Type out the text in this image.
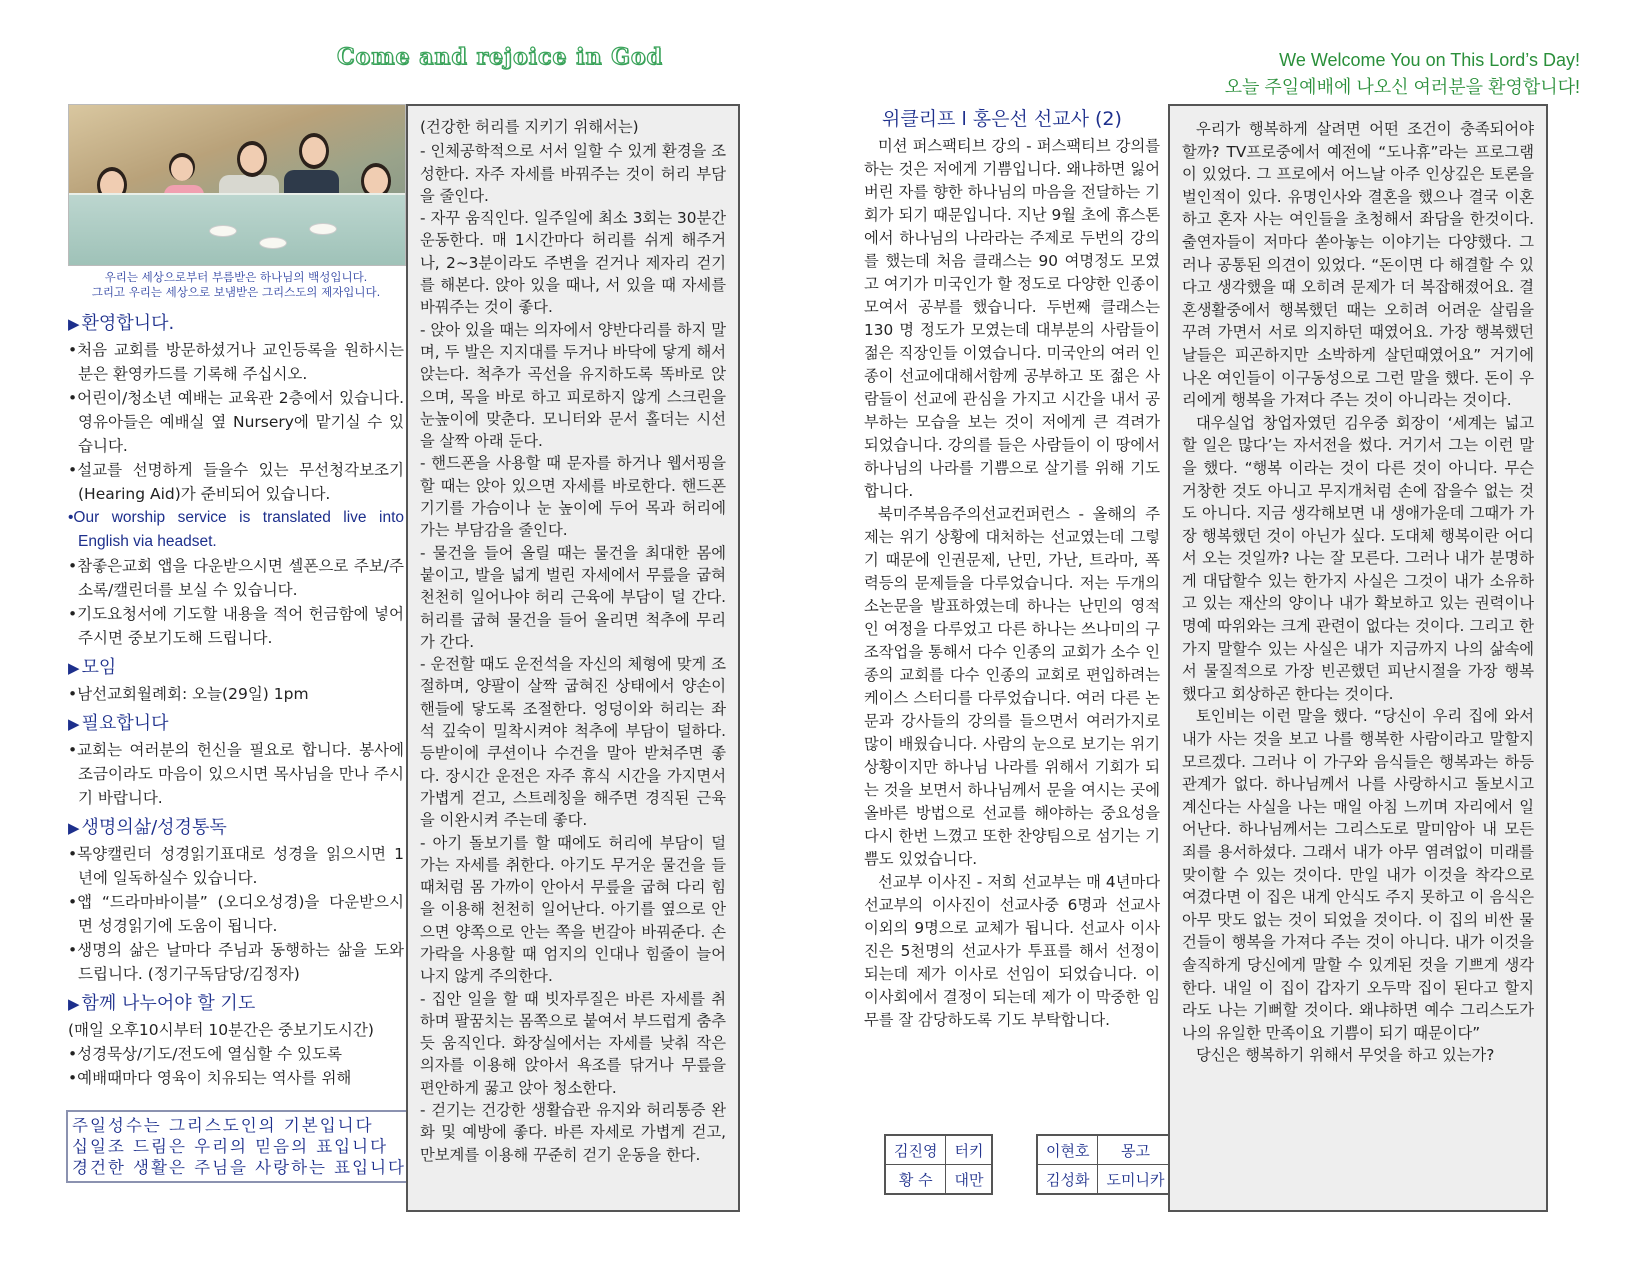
Come and rejoice in God	We Welcome You on This Lord’s Day!
오늘 주일예배에 나오신 여러분을 환영합니다!
우리는 세상으로부터 부름받은 하나님의 백성입니다.
그리고 우리는 세상으로 보냄받은 그리스도의 제자입니다.
▶ 환영합니다.

•처음 교회를 방문하셨거나 교인등록을 원하시는 분은 환영카드를 기록해 주십시오.

•어린이/청소년 예배는 교육관 2층에서 있습니다. 영유아들은 예배실 옆 Nursery에 맡기실 수 있습니다.

•설교를 선명하게 들을수 있는 무선청각보조기(Hearing Aid)가 준비되어 있습니다.

•Our worship service is translated live into English via headset.

•참좋은교회 앱을 다운받으시면 셀폰으로 주보/주소록/캘린더를 보실 수 있습니다.

•기도요청서에 기도할 내용을 적어 헌금함에 넣어 주시면 중보기도해 드립니다.

▶ 모임

•남선교회월례회: 오늘(29일) 1pm

▶ 필요합니다

•교회는 여러분의 헌신을 필요로 합니다. 봉사에 조금이라도 마음이 있으시면 목사님을 만나 주시기 바랍니다.

▶ 생명의삶/성경통독

•목양캘린더 성경읽기표대로 성경을 읽으시면 1년에 일독하실수 있습니다.

•앱 “드라마바이블” (오디오성경)을 다운받으시면 성경읽기에 도움이 됩니다.

•생명의 삶은 날마다 주님과 동행하는 삶을 도와드립니다. (정기구독담당/김정자)

▶ 함께 나누어야 할 기도

(매일 오후10시부터 10분간은 중보기도시간)

•성경묵상/기도/전도에 열심할 수 있도록

•예배때마다 영육이 치유되는 역사를 위해

주일성수는 그리스도인의 기본입니다
십일조 드림은 우리의 믿음의 표입니다
경건한 생활은 주님을 사랑하는 표입니다

(건강한 허리를 지키기 위해서는)

- 인체공학적으로 서서 일할 수 있게 환경을 조성한다. 자주 자세를 바꿔주는 것이 허리 부담을 줄인다.

- 자꾸 움직인다. 일주일에 최소 3회는 30분간 운동한다. 매 1시간마다 허리를 쉬게 해주거나, 2~3분이라도 주변을 걷거나 제자리 걷기를 해본다. 앉아 있을 때나, 서 있을 때 자세를 바꿔주는 것이 좋다.

- 앉아 있을 때는 의자에서 양반다리를 하지 말며, 두 발은 지지대를 두거나 바닥에 닿게 해서 앉는다. 척추가 곡선을 유지하도록 똑바로 앉으며, 목을 바로 하고 피로하지 않게 스크린을 눈높이에 맞춘다. 모니터와 문서 홀더는 시선을 살짝 아래 둔다.

- 핸드폰을 사용할 때 문자를 하거나 웹서핑을 할 때는 앉아 있으면 자세를 바로한다. 핸드폰 기기를 가슴이나 눈 높이에 두어 목과 허리에 가는 부담감을 줄인다.

- 물건을 들어 올릴 때는 물건을 최대한 몸에 붙이고, 발을 넓게 벌린 자세에서 무릎을 굽혀 천천히 일어나야 허리 근육에 부담이 덜 간다. 허리를 굽혀 물건을 들어 올리면 척추에 무리가 간다.

- 운전할 때도 운전석을 자신의 체형에 맞게 조절하며, 양팔이 살짝 굽혀진 상태에서 양손이 핸들에 닿도록 조절한다. 엉덩이와 허리는 좌석 깊숙이 밀착시켜야 척추에 부담이 덜하다. 등받이에 쿠션이나 수건을 말아 받쳐주면 좋다. 장시간 운전은 자주 휴식 시간을 가지면서 가볍게 걷고, 스트레칭을 해주면 경직된 근육을 이완시켜 주는데 좋다.

- 아기 돌보기를 할 때에도 허리에 부담이 덜 가는 자세를 취한다. 아기도 무거운 물건을 들 때처럼 몸 가까이 안아서 무릎을 굽혀 다리 힘을 이용해 천천히 일어난다. 아기를 옆으로 안으면 양쪽으로 안는 쪽을 번갈아 바꿔준다. 손가락을 사용할 때 엄지의 인대나 힘줄이 늘어나지 않게 주의한다.

- 집안 일을 할 때 빗자루질은 바른 자세를 취하며 팔꿈치는 몸쪽으로 붙여서 부드럽게 춤추듯 움직인다. 화장실에서는 자세를 낮춰 작은 의자를 이용해 앉아서 욕조를 닦거나 무릎을 편안하게 꿇고 앉아 청소한다.

- 걷기는 건강한 생활습관 유지와 허리통증 완화 및 예방에 좋다. 바른 자세로 가볍게 걷고, 만보계를 이용해 꾸준히 걷기 운동을 한다.

위클리프 l 홍은선 선교사 (2)

미션 퍼스팩티브 강의 - 퍼스팩티브 강의를하는 것은 저에게 기쁨입니다. 왜냐하면 잃어버린 자를 향한 하나님의 마음을 전달하는 기회가 되기 때문입니다. 지난 9월 초에 휴스톤에서 하나님의 나라라는 주제로 두번의 강의를 했는데 처음 클래스는 90 여명정도 모였고 여기가 미국인가 할 정도로 다양한 인종이 모여서 공부를 했습니다. 두번째 클래스는 130 명 정도가 모였는데 대부분의 사람들이 젊은 직장인들 이였습니다. 미국안의 여러 인종이 선교에대해서함께 공부하고 또 젊은 사람들이 선교에 관심을 가지고 시간을 내서 공부하는 모습을 보는 것이 저에게 큰 격려가 되었습니다. 강의를 들은 사람들이 이 땅에서 하나님의 나라를 기쁨으로 살기를 위해 기도합니다.

북미주복음주의선교컨퍼런스 - 올해의 주제는 위기 상황에 대처하는 선교였는데 그렇기 때문에 인권문제, 난민, 가난, 트라마, 폭력등의 문제들을 다루었습니다. 저는 두개의 소논문을 발표하였는데 하나는 난민의 영적인 여정을 다루었고 다른 하나는 쓰나미의 구조작업을 통해서 다수 인종의 교회가 소수 인종의 교회를 다수 인종의 교회로 편입하려는 케이스 스터디를 다루었습니다. 여러 다른 논문과 강사들의 강의를 들으면서 여러가지로 많이 배웠습니다. 사람의 눈으로 보기는 위기 상황이지만 하나님 나라를 위해서 기회가 되는 것을 보면서 하나님께서 문을 여시는 곳에 올바른 방법으로 선교를 해야하는 중요성을 다시 한번 느꼈고 또한 찬양팀으로 섬기는 기쁨도 있었습니다.

선교부 이사진 - 저희 선교부는 매 4년마다 선교부의 이사진이 선교사중 6명과 선교사 이외의 9명으로 교체가 됩니다. 선교사 이사진은 5천명의 선교사가 투표를 해서 선정이 되는데 제가 이사로 선임이 되었습니다. 이 이사회에서 결정이 되는데 제가 이 막중한 임무를 잘 감당하도록 기도 부탁합니다.

김진영	터키
황 수	대만
이현호	몽고
김성화	도미니카

우리가 행복하게 살려면 어떤 조건이 충족되어야 할까? TV프로중에서 예전에 “도나휴”라는 프로그램이 있었다. 그 프로에서 어느날 아주 인상깊은 토론을 벌인적이 있다. 유명인사와 결혼을 했으나 결국 이혼하고 혼자 사는 여인들을 초청해서 좌담을 한것이다. 출연자들이 저마다 쏟아놓는 이야기는 다양했다. 그러나 공통된 의견이 있었다. “돈이면 다 해결할 수 있다고 생각했을 때 오히려 문제가 더 복잡해졌어요. 결혼생활중에서 행복했던 때는 오히려 어려운 살림을 꾸려 가면서 서로 의지하던 때였어요. 가장 행복했던 날들은 피곤하지만 소박하게 살던때였어요” 거기에 나온 여인들이 이구동성으로 그런 말을 했다. 돈이 우리에게 행복을 가져다 주는 것이 아니라는 것이다.

대우실업 창업자였던 김우중 회장이 ‘세계는 넓고 할 일은 많다’는 자서전을 썼다. 거기서 그는 이런 말을 했다. “행복 이라는 것이 다른 것이 아니다. 무슨 거창한 것도 아니고 무지개처럼 손에 잡을수 없는 것도 아니다. 지금 생각해보면 내 생애가운데 그때가 가장 행복했던 것이 아닌가 싶다. 도대체 행복이란 어디서 오는 것일까? 나는 잘 모른다. 그러나 내가 분명하게 대답할수 있는 한가지 사실은 그것이 내가 소유하고 있는 재산의 양이나 내가 확보하고 있는 권력이나 명예 따위와는 크게 관련이 없다는 것이다. 그리고 한가지 말할수 있는 사실은 내가 지금까지 나의 삶속에서 물질적으로 가장 빈곤했던 피난시절을 가장 행복했다고 회상하곤 한다는 것이다.

토인비는 이런 말을 했다. “당신이 우리 집에 와서 내가 사는 것을 보고 나를 행복한 사람이라고 말할지 모르겠다. 그러나 이 가구와 음식들은 행복과는 하등 관계가 없다. 하나님께서 나를 사랑하시고 돌보시고 계신다는 사실을 나는 매일 아침 느끼며 자리에서 일어난다. 하나님께서는 그리스도로 말미암아 내 모든 죄를 용서하셨다. 그래서 내가 아무 염려없이 미래를 맞이할 수 있는 것이다. 만일 내가 이것을 착각으로 여겼다면 이 집은 내게 안식도 주지 못하고 이 음식은 아무 맛도 없는 것이 되었을 것이다. 이 집의 비싼 물건들이 행복을 가져다 주는 것이 아니다. 내가 이것을 솔직하게 당신에게 말할 수 있게된 것을 기쁘게 생각한다. 내일 이 집이 갑자기 오두막 집이 된다고 할지라도 나는 기뻐할 것이다. 왜냐하면 예수 그리스도가 나의 유일한 만족이요 기쁨이 되기 때문이다”

당신은 행복하기 위해서 무엇을 하고 있는가?
